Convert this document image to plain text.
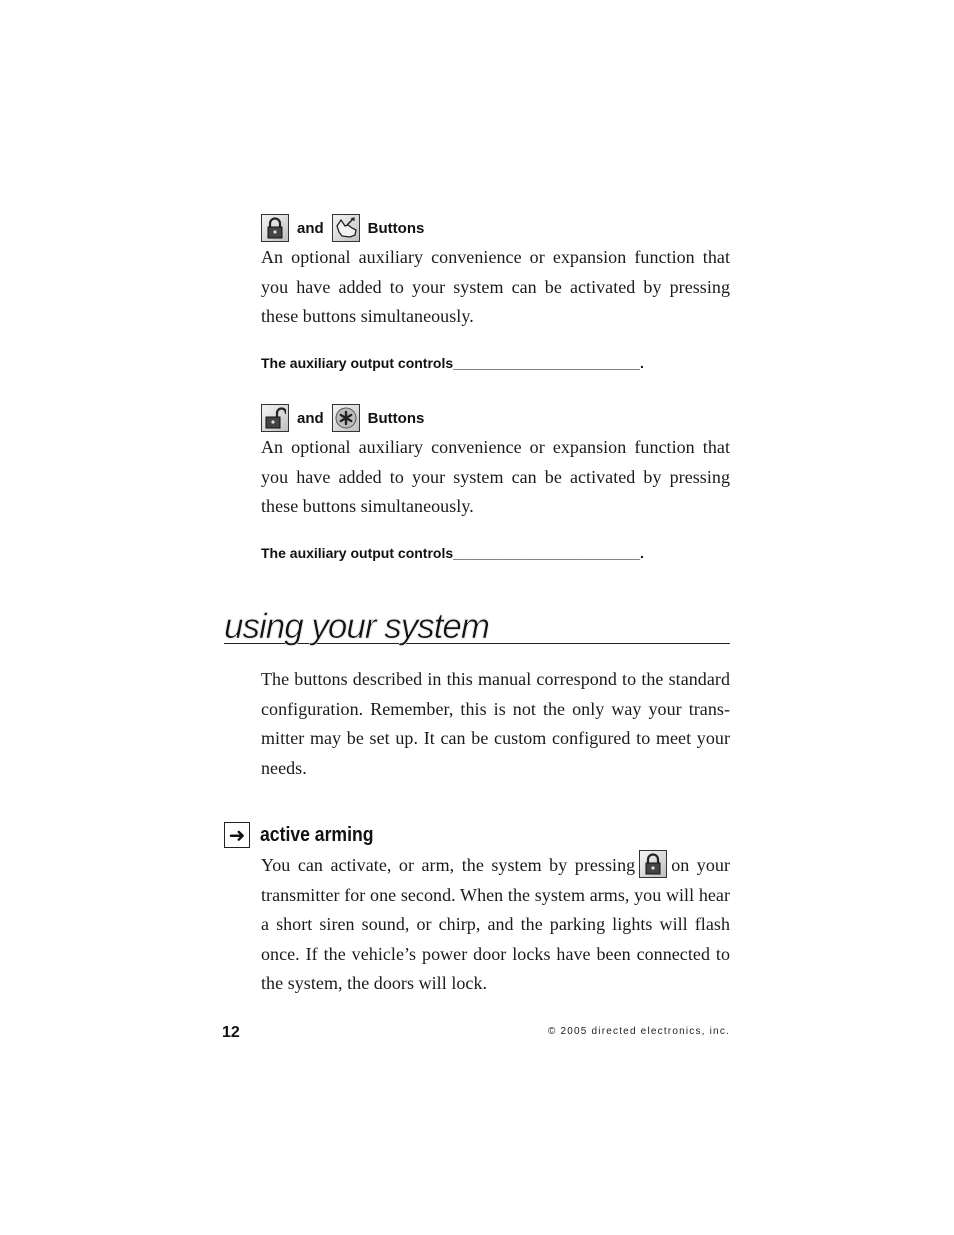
and	Buttons

An optional auxiliary convenience or expansion function that you have added to your system can be activated by pressing these buttons simultaneously.

The auxiliary output controls________________________.
and	Buttons

An optional auxiliary convenience or expansion function that you have added to your system can be activated by pressing these buttons simultaneously.

The auxiliary output controls________________________.
using your system

The buttons described in this manual correspond to the standard configuration. Remember, this is not the only way your trans-mitter may be set up. It can be custom configured to meet your needs.

➜ active arming

You can activate, or arm, the system by pressing on your transmitter for one second. When the system arms, you will hear a short siren sound, or chirp, and the parking lights will flash once. If the vehicle’s power door locks have been connected to the system, the doors will lock.

12	© 2005 directed electronics, inc.
